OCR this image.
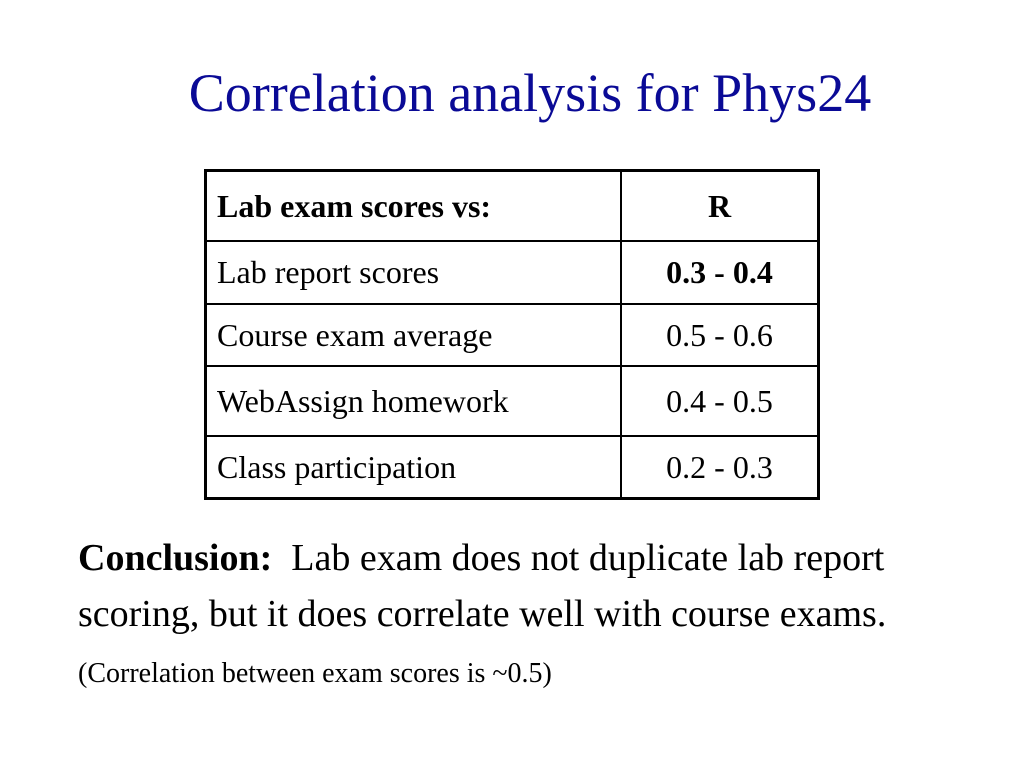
Correlation analysis for Phys24
Lab exam scores vs:	R
Lab report scores	0.3 - 0.4
Course exam average	0.5 - 0.6
WebAssign homework	0.4 - 0.5
Class participation	0.2 - 0.3
Conclusion: Lab exam does not duplicate lab report scoring, but it does correlate well with course exams. (Correlation between exam scores is ~0.5)
